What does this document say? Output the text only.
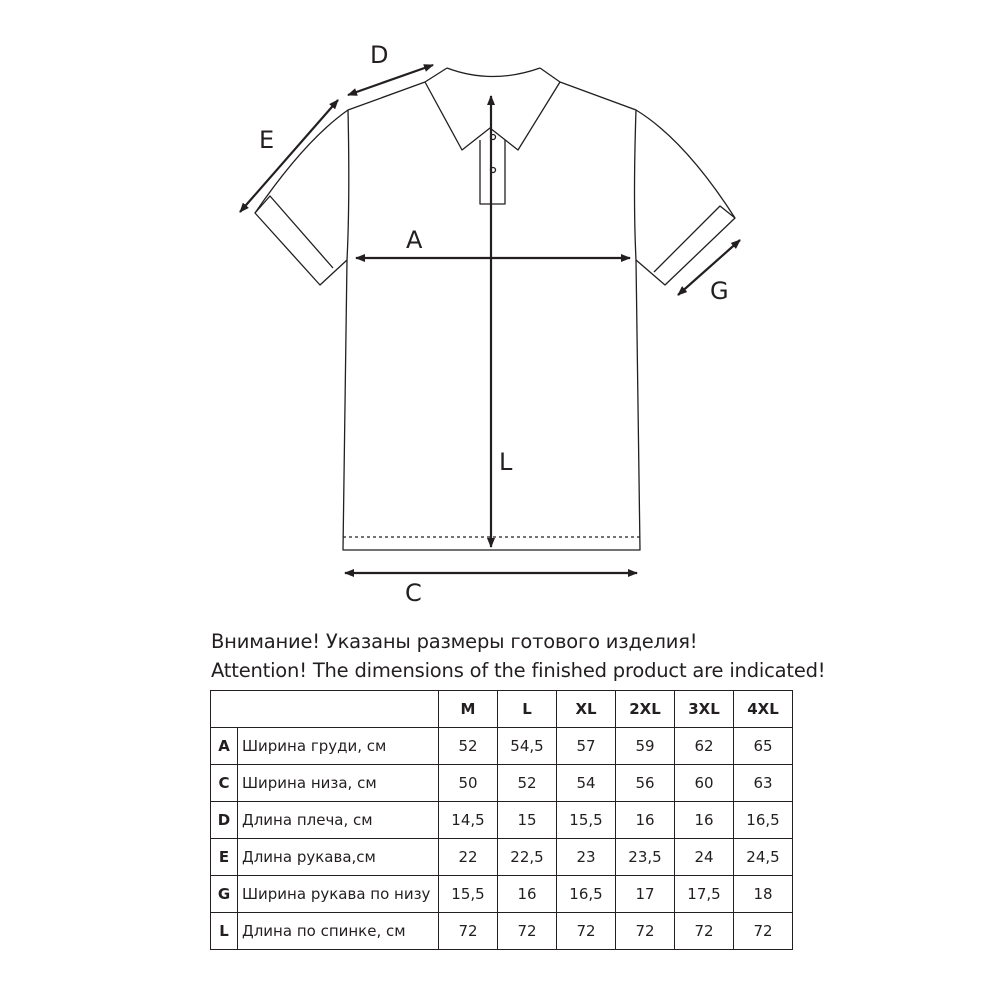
A
L
C
D
E
G
Внимание! Указаны размеры готового изделия!
Attention! The dimensions of the finished product are indicated!
		M	L	XL	2XL	3XL	4XL
A	Ширина груди, см	52	54,5	57	59	62	65
C	Ширина низа, см	50	52	54	56	60	63
D	Длина плеча, см	14,5	15	15,5	16	16	16,5
E	Длина рукава,см	22	22,5	23	23,5	24	24,5
G	Ширина рукава по низу	15,5	16	16,5	17	17,5	18
L	Длина по спинке, см	72	72	72	72	72	72
